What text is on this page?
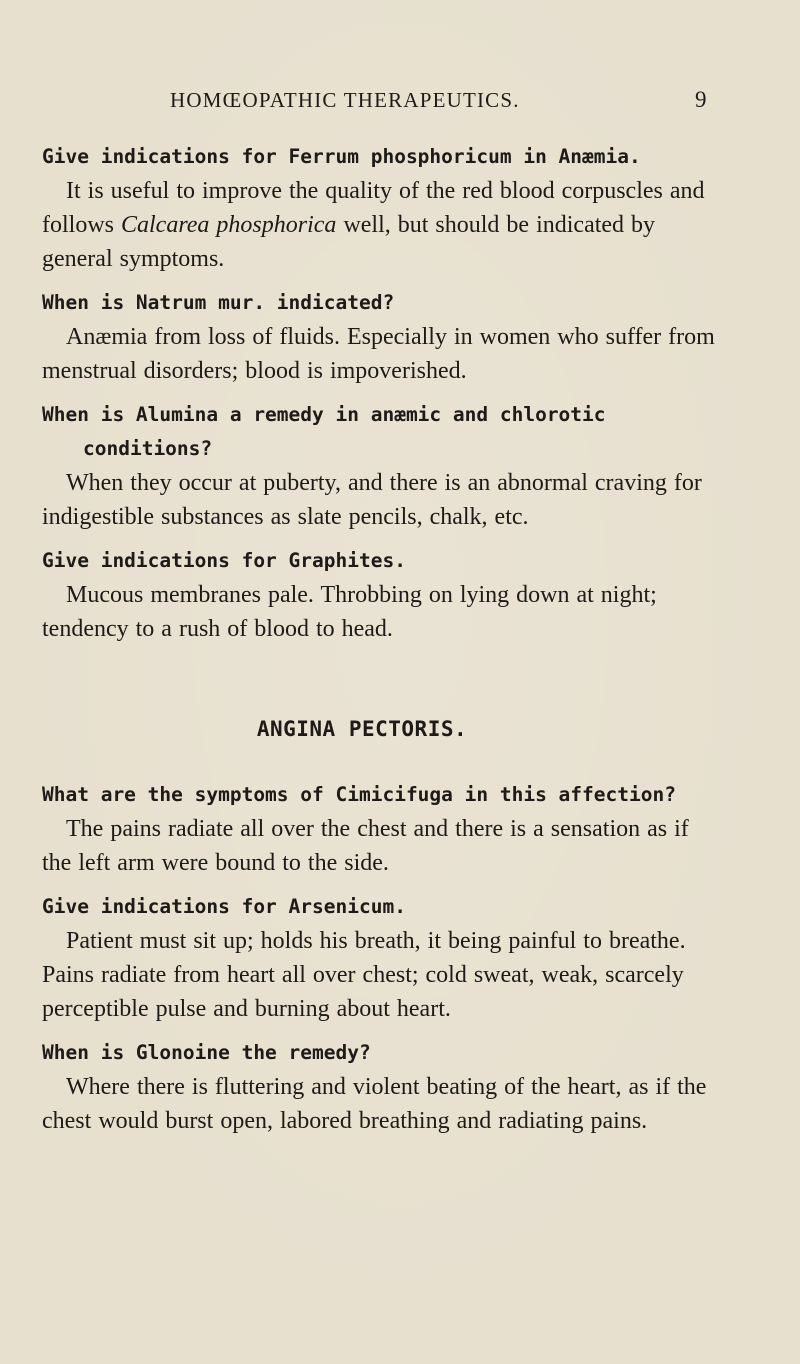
HOMŒOPATHIC THERAPEUTICS.	9

Give indications for Ferrum phosphoricum in Anæmia.

It is useful to improve the quality of the red blood corpuscles and follows Calcarea phosphorica well, but should be indicated by general symptoms.

When is Natrum mur. indicated?

Anæmia from loss of fluids. Especially in women who suffer from menstrual disorders; blood is impoverished.

When is Alumina a remedy in anæmic and chlorotic conditions?

When they occur at puberty, and there is an abnormal craving for indigestible substances as slate pencils, chalk, etc.

Give indications for Graphites.

Mucous membranes pale. Throbbing on lying down at night; tendency to a rush of blood to head.

ANGINA PECTORIS.

What are the symptoms of Cimicifuga in this affection?

The pains radiate all over the chest and there is a sensation as if the left arm were bound to the side.

Give indications for Arsenicum.

Patient must sit up; holds his breath, it being painful to breathe. Pains radiate from heart all over chest; cold sweat, weak, scarcely perceptible pulse and burning about heart.

When is Glonoine the remedy?

Where there is fluttering and violent beating of the heart, as if the chest would burst open, labored breathing and radiating pains.
